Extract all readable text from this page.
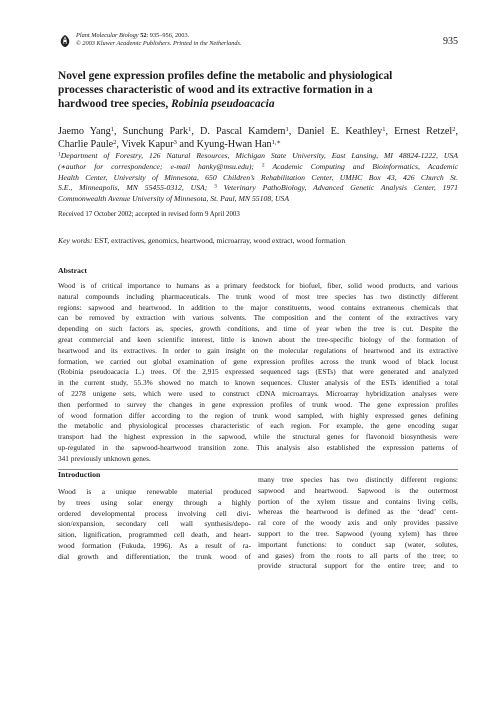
Plant Molecular Biology 52: 935–956, 2003.
© 2003 Kluwer Academic Publishers. Printed in the Netherlands.	935
Novel gene expression profiles define the metabolic and physiological
processes characteristic of wood and its extractive formation in a
hardwood tree species, Robinia pseudoacacia
Jaemo Yang$^1$, Sunchung Park$^1$, D. Pascal Kamdem$^1$, Daniel E. Keathley$^1$, Ernest Retzel$^2$,
Charlie Paule$^2$, Vivek Kapur$^3$ and Kyung-Hwan Han$^{1,∗}$
$^1$Department of Forestry, 126 Natural Resources, Michigan State University, East Lansing, MI 48824-1222, USA
(∗author for correspondence; e-mail hanky@msu.edu); $^2$ Academic Computing and Bioinformatics, Academic
Health Center, University of Minnesota, 650 Children’s Rehabilitation Center, UMHC Box 43, 426 Church St.
S.E., Minneapolis, MN 55455-0312, USA; $^3$ Veterinary PathoBiology, Advanced Genetic Analysis Center, 1971
Commonwealth Avenue University of Minnesota, St. Paul, MN 55108, USA
Received 17 October 2002; accepted in revised form 9 April 2003
Key words: EST, extractives, genomics, heartwood, microarray, wood extract, wood formation
Abstract
Wood is of critical importance to humans as a primary feedstock for biofuel, fiber, solid wood products, and various
natural compounds including pharmaceuticals. The trunk wood of most tree species has two distinctly different
regions: sapwood and heartwood. In addition to the major constituents, wood contains extraneous chemicals that
can be removed by extraction with various solvents. The composition and the content of the extractives vary
depending on such factors as, species, growth conditions, and time of year when the tree is cut. Despite the
great commercial and keen scientific interest, little is known about the tree-specific biology of the formation of
heartwood and its extractives. In order to gain insight on the molecular regulations of heartwood and its extractive
formation, we carried out global examination of gene expression profiles across the trunk wood of black locust
(Robinia pseudoacacia L.) trees. Of the 2,915 expressed sequenced tags (ESTs) that were generated and analyzed
in the current study, 55.3% showed no match to known sequences. Cluster analysis of the ESTs identified a total
of 2278 unigene sets, which were used to construct cDNA microarrays. Microarray hybridization analyses were
then performed to survey the changes in gene expression profiles of trunk wood. The gene expression profiles
of wood formation differ according to the region of trunk wood sampled, with highly expressed genes defining
the metabolic and physiological processes characteristic of each region. For example, the gene encoding sugar
transport had the highest expression in the sapwood, while the structural genes for flavonoid biosynthesis were
up-regulated in the sapwood-heartwood transition zone. This analysis also established the expression patterns of
341 previously unknown genes.
Introduction
Wood is a unique renewable material produced
by trees using solar energy through a highly
ordered developmental process involving cell divi-
sion/expansion, secondary cell wall synthesis/depo-
sition, lignification, programmed cell death, and heart-
wood formation (Fukuda, 1996). As a result of ra-
dial growth and differentiation, the trunk wood of
many tree species has two distinctly different regions:
sapwood and heartwood. Sapwood is the outermost
portion of the xylem tissue and contains living cells,
whereas the heartwood is defined as the ‘dead’ cent-
ral core of the woody axis and only provides passive
support to the tree. Sapwood (young xylem) has three
important functions: to conduct sap (water, solutes,
and gases) from the roots to all parts of the tree; to
provide structural support for the entire tree; and to
